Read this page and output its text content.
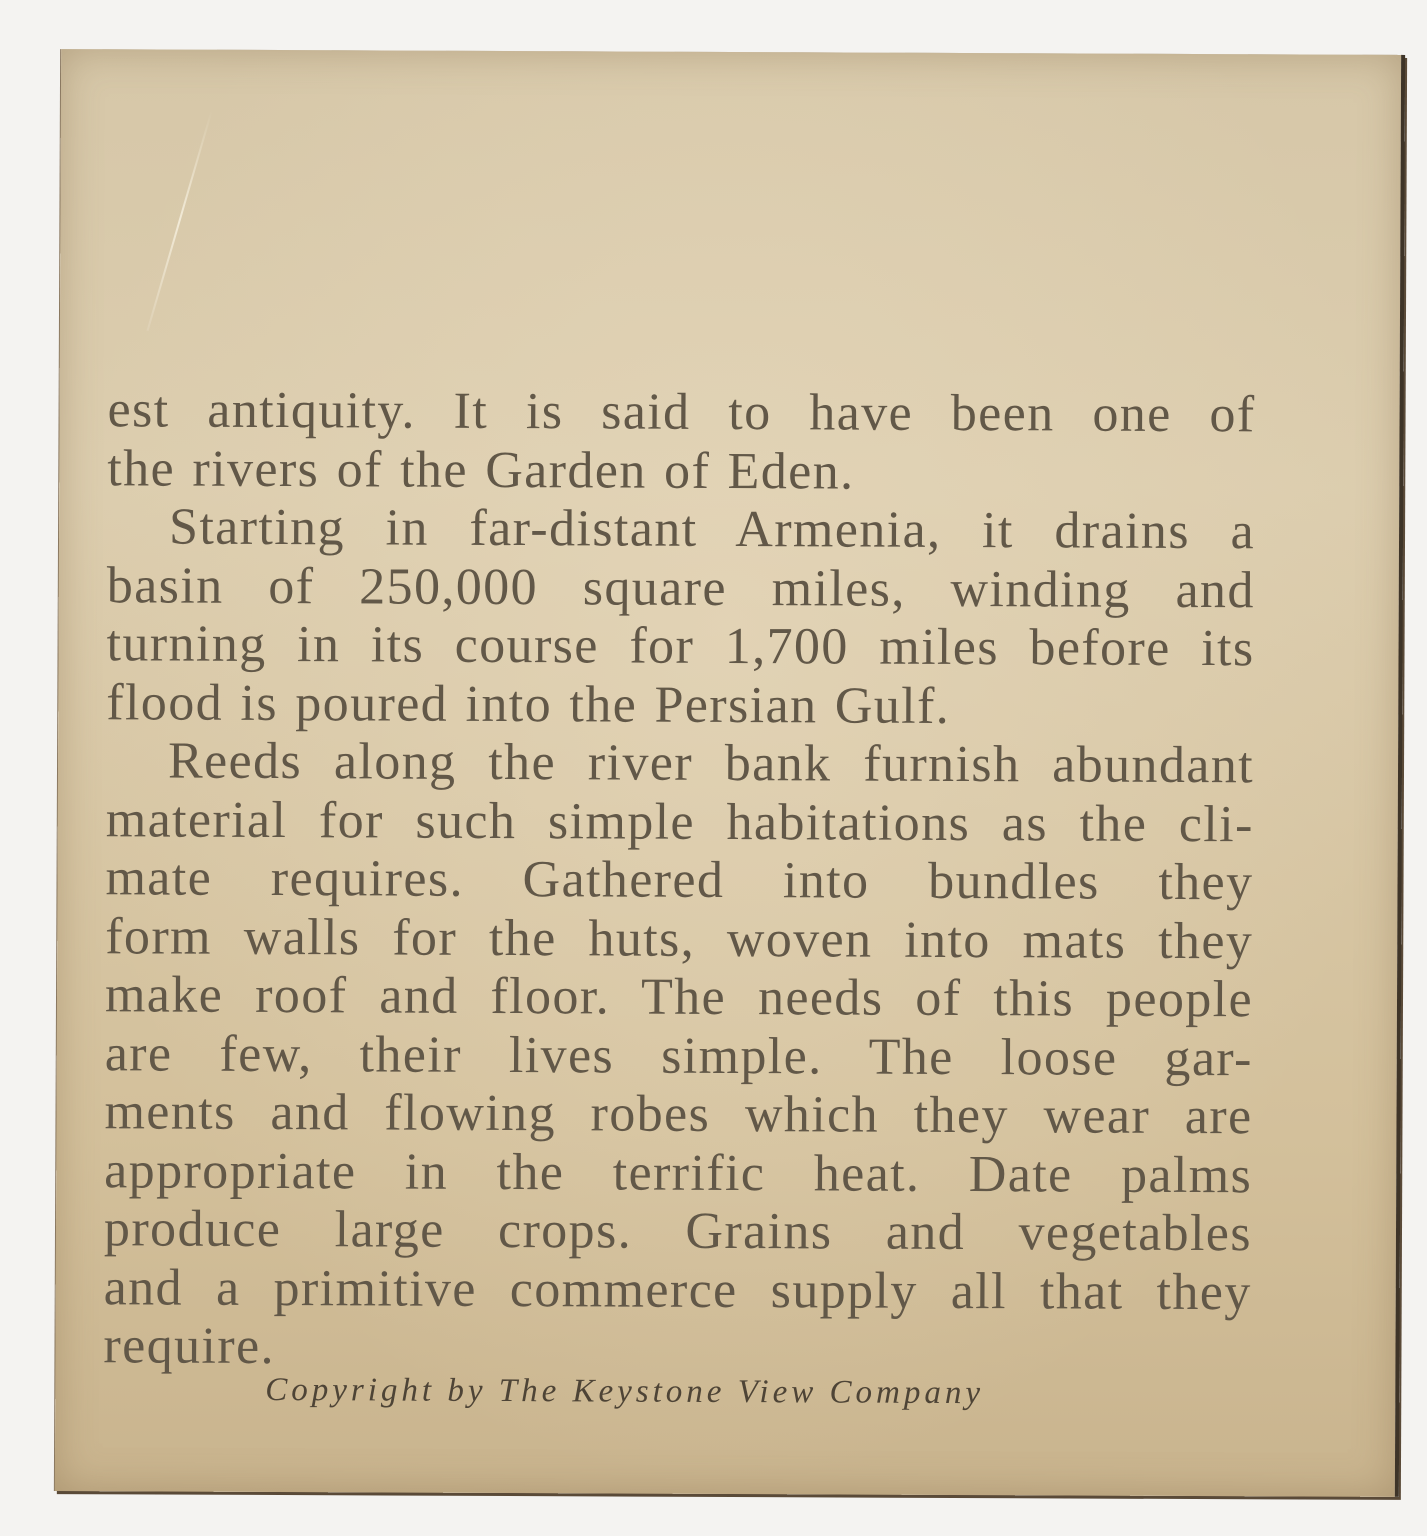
est antiquity. It is said to have been one of
the rivers of the Garden of Eden.

Starting in far-distant Armenia, it drains a
basin of 250,000 square miles, winding and
turning in its course for 1,700 miles before its
flood is poured into the Persian Gulf.

Reeds along the river bank furnish abundant
material for such simple habitations as the cli-
mate requires. Gathered into bundles they
form walls for the huts, woven into mats they
make roof and floor. The needs of this people
are few, their lives simple. The loose gar-
ments and flowing robes which they wear are
appropriate in the terrific heat. Date palms
produce large crops. Grains and vegetables
and a primitive commerce supply all that they
require.

Copyright by The Keystone View Company
